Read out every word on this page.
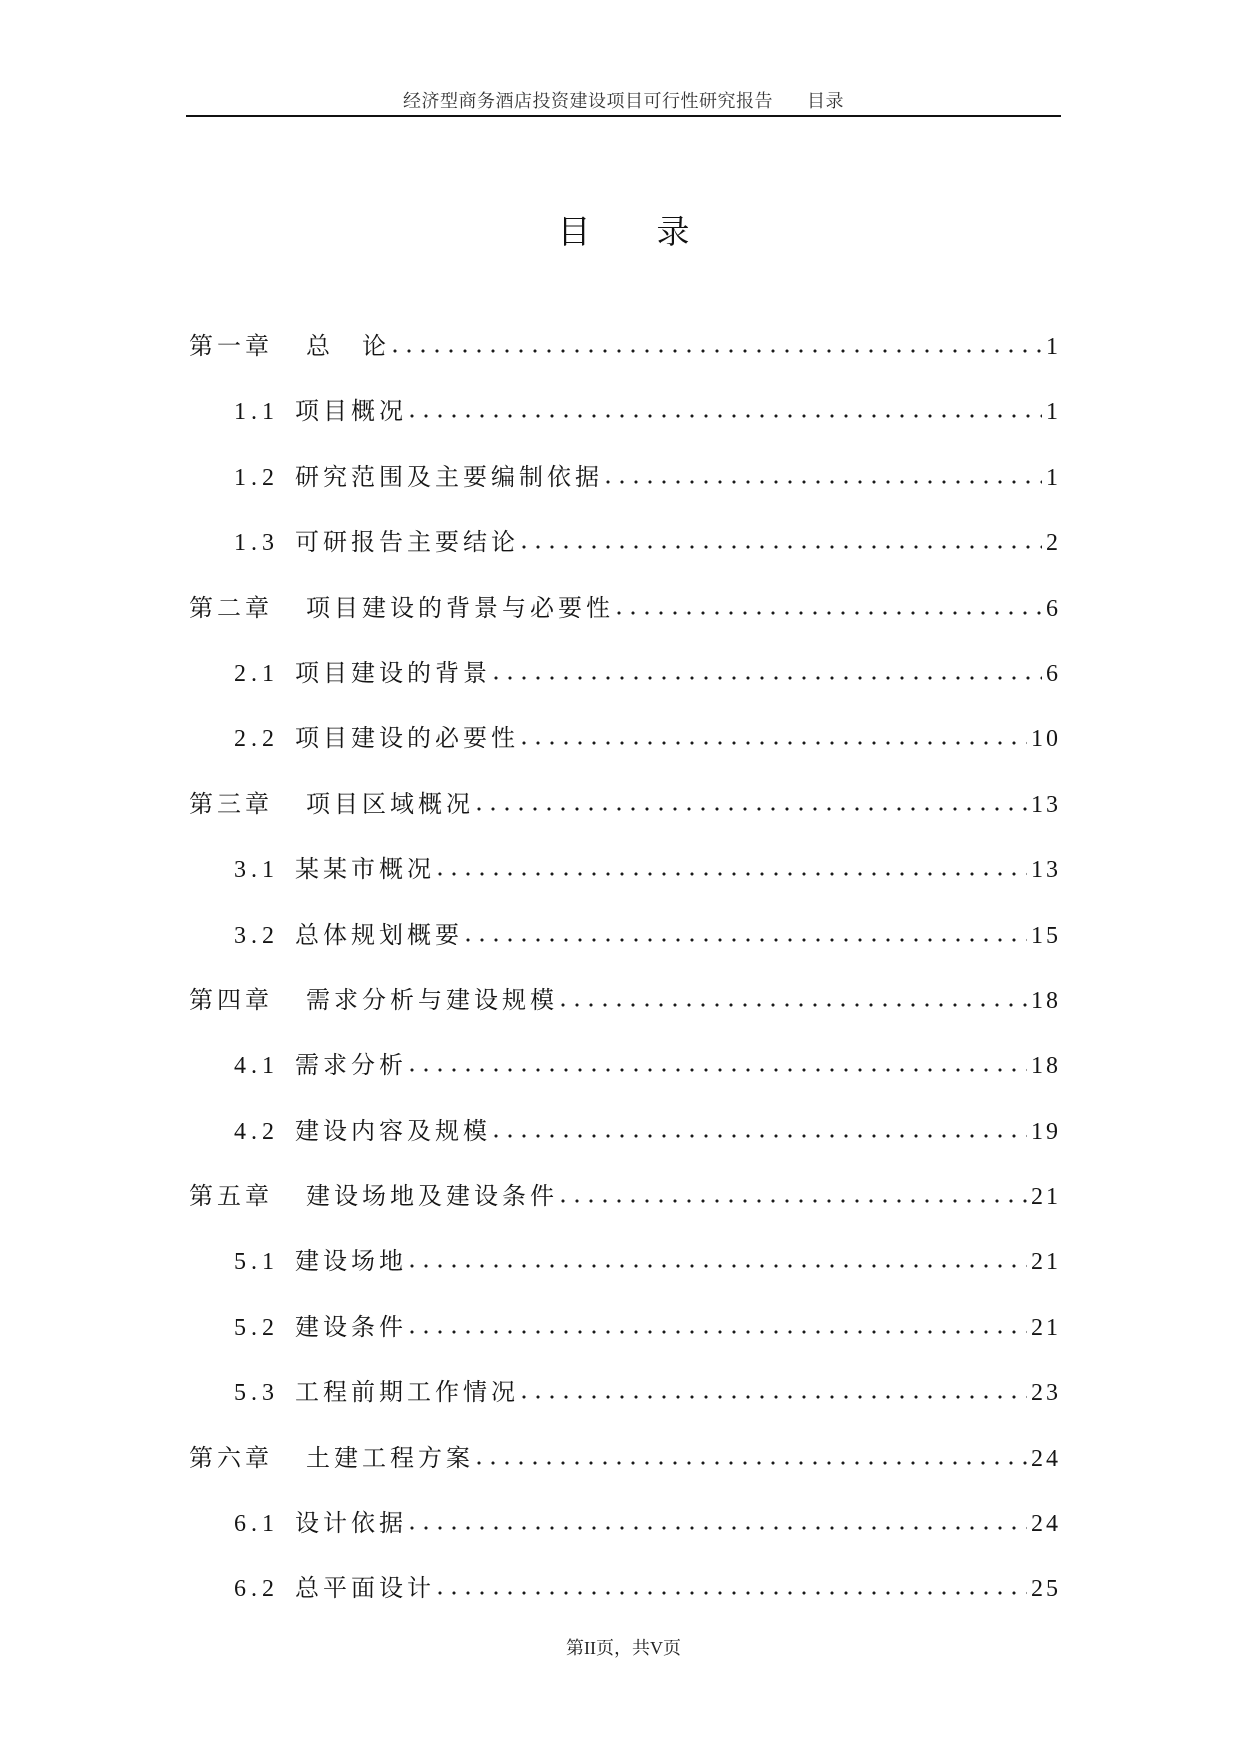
经济型商务酒店投资建设项目可行性研究报告 目录
目　　录
第一章	总　论	1
1.1 项目概况	1
1.2 研究范围及主要编制依据	1
1.3 可研报告主要结论	2
第二章	项目建设的背景与必要性	6
2.1 项目建设的背景	6
2.2 项目建设的必要性	10
第三章	项目区域概况	13
3.1 某某市概况	13
3.2 总体规划概要	15
第四章	需求分析与建设规模	18
4.1 需求分析	18
4.2 建设内容及规模	19
第五章	建设场地及建设条件	21
5.1 建设场地	21
5.2 建设条件	21
5.3 工程前期工作情况	23
第六章	土建工程方案	24
6.1 设计依据	24
6.2 总平面设计	25
第II页，共V页
